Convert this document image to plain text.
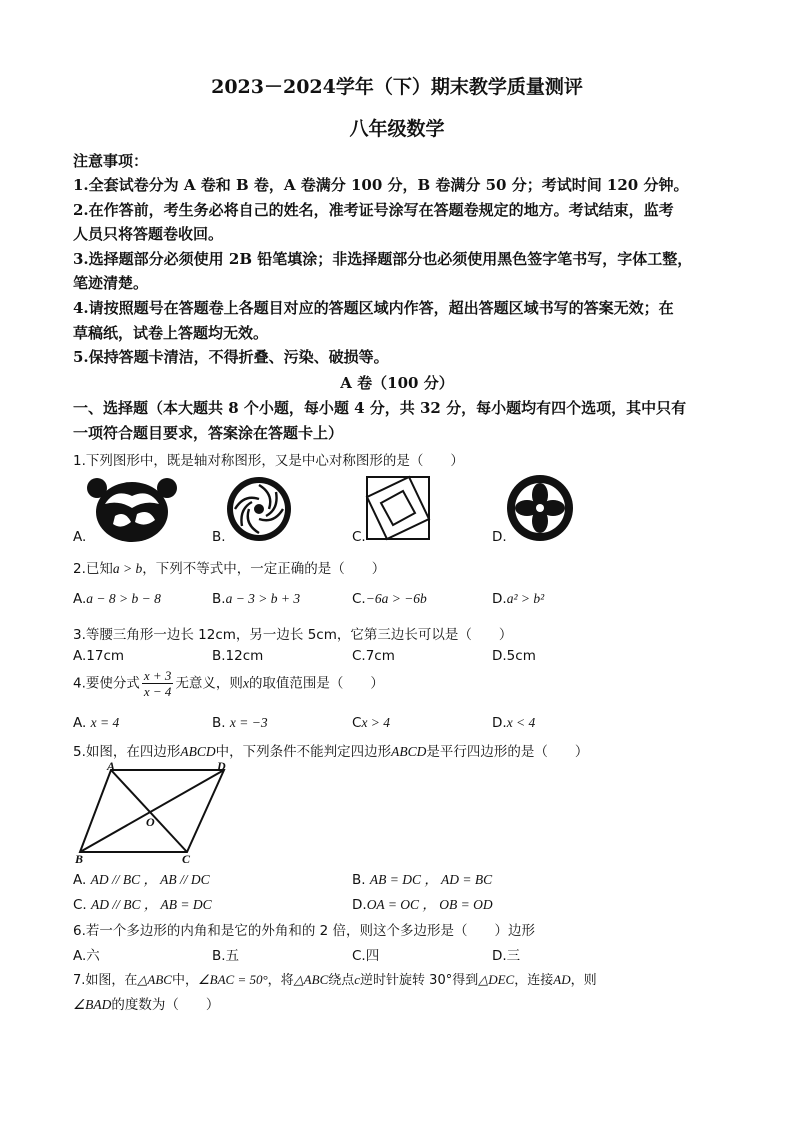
2023－2024学年（下）期末教学质量测评
八年级数学
注意事项：
1.全套试卷分为 A 卷和 B 卷，A 卷满分 100 分，B 卷满分 50 分；考试时间 120 分钟。
2.在作答前，考生务必将自己的姓名，准考证号涂写在答题卷规定的地方。考试结束，监考
人员只将答题卷收回。
3.选择题部分必须使用 2B 铅笔填涂；非选择题部分也必须使用黑色签字笔书写，字体工整，
笔迹清楚。
4.请按照题号在答题卷上各题目对应的答题区域内作答，超出答题区域书写的答案无效；在
草稿纸，试卷上答题均无效。
5.保持答题卡清洁，不得折叠、污染、破损等。
A 卷（100 分）
一、选择题（本大题共 8 个小题，每小题 4 分，共 32 分，每小题均有四个选项，其中只有
一项符合题目要求，答案涂在答题卡上）
1.下列图形中，既是轴对称图形，又是中心对称图形的是（　　）
A.	B.	C.	D.
2.已知a > b，下列不等式中，一定正确的是（　　）
A.a − 8 > b − 8	B.a − 3 > b + 3	C.−6a > −6b	D.a² > b²
3.等腰三角形一边长 12cm，另一边长 5cm，它第三边长可以是（　　）
A.17cm	B.12cm	C.7cm	D.5cm
4.要使分式 $\frac{x + 3}{x - 4}$ 无意义，则x的取值范围是（　　）
A. x = 4	B. x = −3	Cx > 4	D.x < 4
5.如图，在四边形ABCD中，下列条件不能判定四边形ABCD是平行四边形的是（　　）
A	D
O
B	C
A. AD // BC ， AB // DC	B. AB = DC ， AD = BC
C. AD // BC ， AB = DC	D.OA = OC ， OB = OD
6.若一个多边形的内角和是它的外角和的 2 倍，则这个多边形是（　　）边形
A.六	B.五	C.四	D.三
7.如图，在△ABC中，∠BAC = 50°，将△ABC绕点c逆时针旋转 30°得到△DEC，连接AD，则
∠BAD的度数为（　　）
